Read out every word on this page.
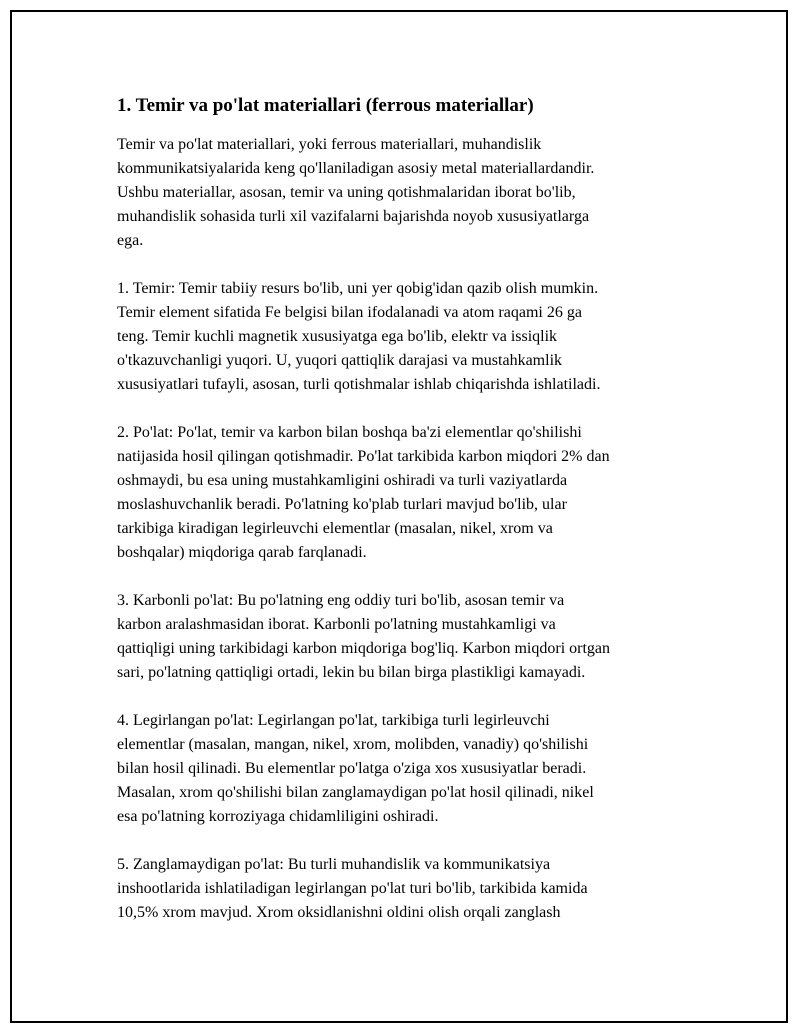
1. Temir va po'lat materiallari (ferrous materiallar)

Temir va po'lat materiallari, yoki ferrous materiallari, muhandislik
kommunikatsiyalarida keng qo'llaniladigan asosiy metal materiallardandir.
Ushbu materiallar, asosan, temir va uning qotishmalaridan iborat bo'lib,
muhandislik sohasida turli xil vazifalarni bajarishda noyob xususiyatlarga
ega.

1. Temir: Temir tabiiy resurs bo'lib, uni yer qobig'idan qazib olish mumkin.
Temir element sifatida Fe belgisi bilan ifodalanadi va atom raqami 26 ga
teng. Temir kuchli magnetik xususiyatga ega bo'lib, elektr va issiqlik
o'tkazuvchanligi yuqori. U, yuqori qattiqlik darajasi va mustahkamlik
xususiyatlari tufayli, asosan, turli qotishmalar ishlab chiqarishda ishlatiladi.

2. Po'lat: Po'lat, temir va karbon bilan boshqa ba'zi elementlar qo'shilishi
natijasida hosil qilingan qotishmadir. Po'lat tarkibida karbon miqdori 2% dan
oshmaydi, bu esa uning mustahkamligini oshiradi va turli vaziyatlarda
moslashuvchanlik beradi. Po'latning ko'plab turlari mavjud bo'lib, ular
tarkibiga kiradigan legirleuvchi elementlar (masalan, nikel, xrom va
boshqalar) miqdoriga qarab farqlanadi.

3. Karbonli po'lat: Bu po'latning eng oddiy turi bo'lib, asosan temir va
karbon aralashmasidan iborat. Karbonli po'latning mustahkamligi va
qattiqligi uning tarkibidagi karbon miqdoriga bog'liq. Karbon miqdori ortgan
sari, po'latning qattiqligi ortadi, lekin bu bilan birga plastikligi kamayadi.

4. Legirlangan po'lat: Legirlangan po'lat, tarkibiga turli legirleuvchi
elementlar (masalan, mangan, nikel, xrom, molibden, vanadiy) qo'shilishi
bilan hosil qilinadi. Bu elementlar po'latga o'ziga xos xususiyatlar beradi.
Masalan, xrom qo'shilishi bilan zanglamaydigan po'lat hosil qilinadi, nikel
esa po'latning korroziyaga chidamliligini oshiradi.

5. Zanglamaydigan po'lat: Bu turli muhandislik va kommunikatsiya
inshootlarida ishlatiladigan legirlangan po'lat turi bo'lib, tarkibida kamida
10,5% xrom mavjud. Xrom oksidlanishni oldini olish orqali zanglash
